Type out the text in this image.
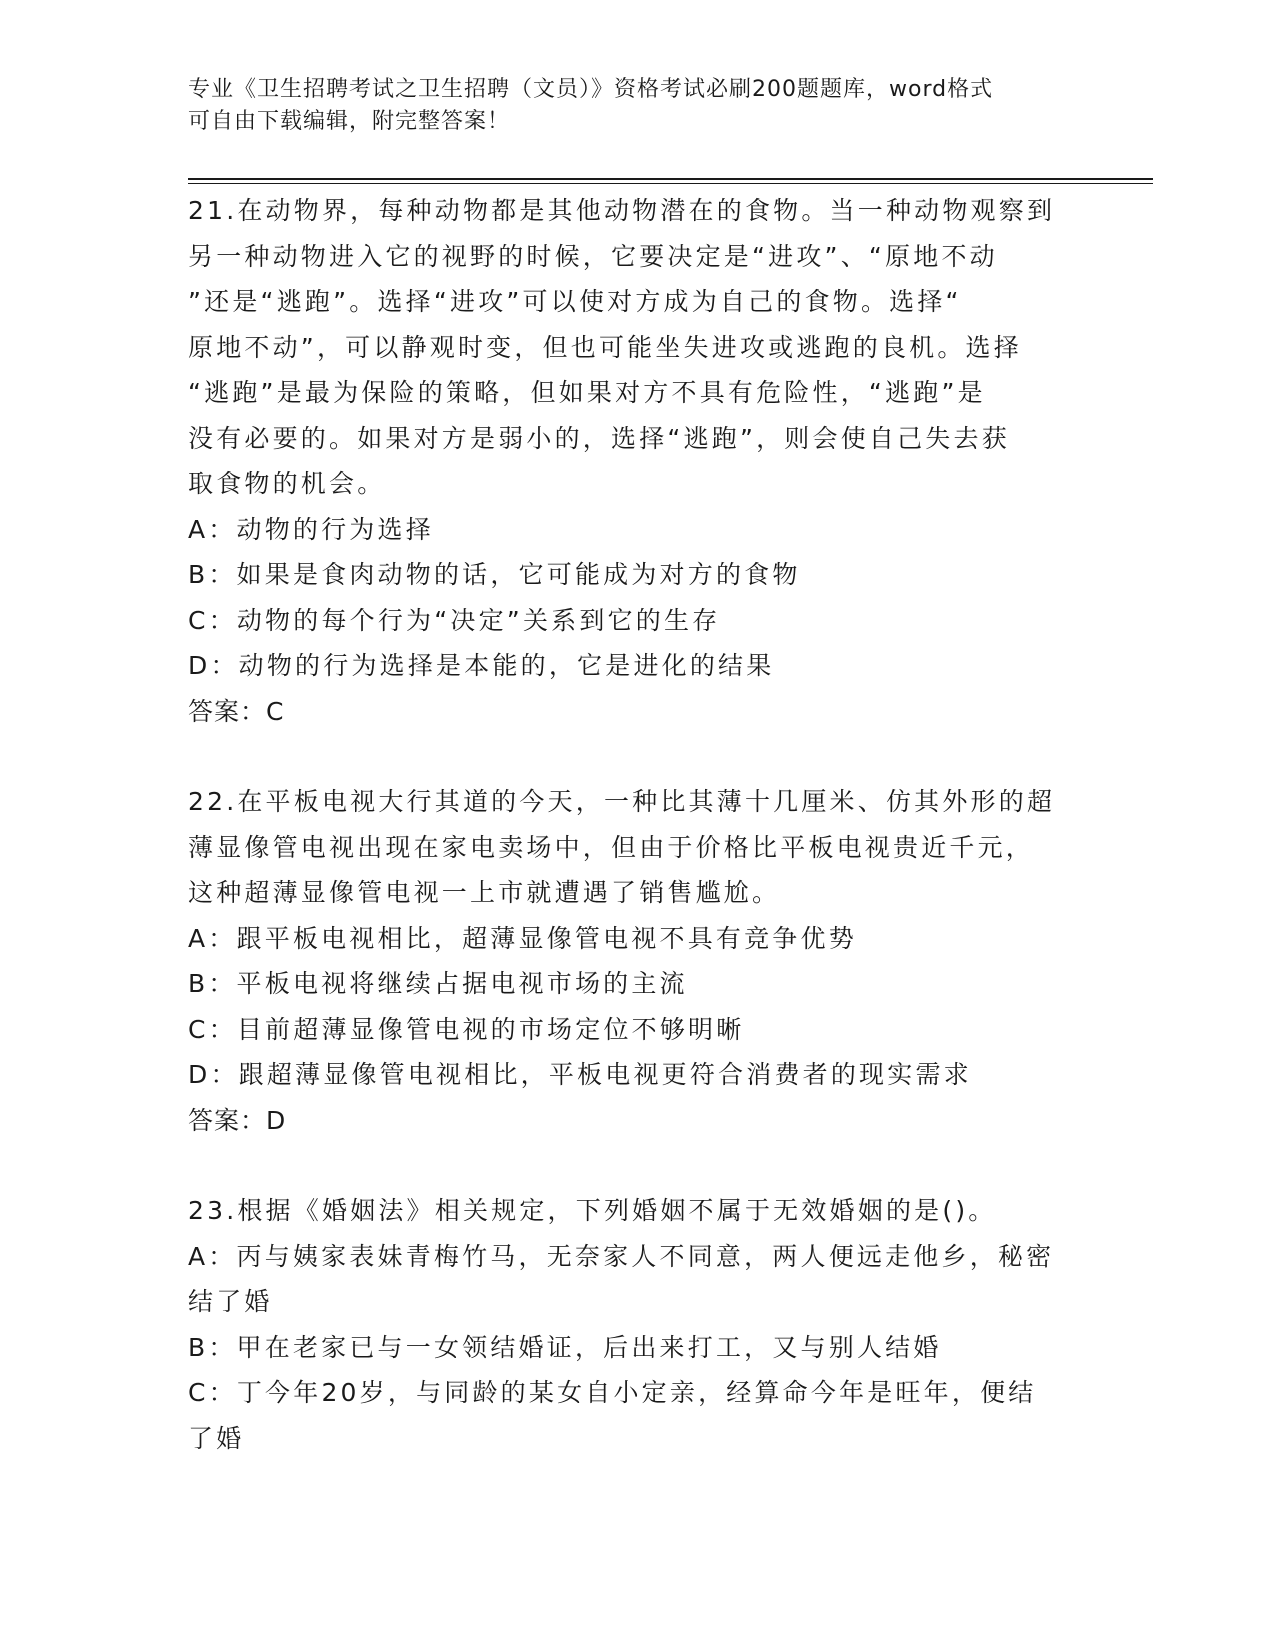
专业《卫生招聘考试之卫生招聘（文员）》资格考试必刷200题题库，word格式
可自由下载编辑，附完整答案！
21.在动物界，每种动物都是其他动物潜在的食物。当一种动物观察到
另一种动物进入它的视野的时候，它要决定是“进攻”、“原地不动
”还是“逃跑”。选择“进攻”可以使对方成为自己的食物。选择“
原地不动”，可以静观时变，但也可能坐失进攻或逃跑的良机。选择
“逃跑”是最为保险的策略，但如果对方不具有危险性，“逃跑”是
没有必要的。如果对方是弱小的，选择“逃跑”，则会使自己失去获
取食物的机会。
A：动物的行为选择
B：如果是食肉动物的话，它可能成为对方的食物
C：动物的每个行为“决定”关系到它的生存
D：动物的行为选择是本能的，它是进化的结果
答案：C
22.在平板电视大行其道的今天，一种比其薄十几厘米、仿其外形的超
薄显像管电视出现在家电卖场中，但由于价格比平板电视贵近千元，
这种超薄显像管电视一上市就遭遇了销售尴尬。
A：跟平板电视相比，超薄显像管电视不具有竞争优势
B：平板电视将继续占据电视市场的主流
C：目前超薄显像管电视的市场定位不够明晰
D：跟超薄显像管电视相比，平板电视更符合消费者的现实需求
答案：D
23.根据《婚姻法》相关规定，下列婚姻不属于无效婚姻的是()。
A：丙与姨家表妹青梅竹马，无奈家人不同意，两人便远走他乡，秘密
结了婚
B：甲在老家已与一女领结婚证，后出来打工，又与别人结婚
C：丁今年20岁，与同龄的某女自小定亲，经算命今年是旺年，便结
了婚
